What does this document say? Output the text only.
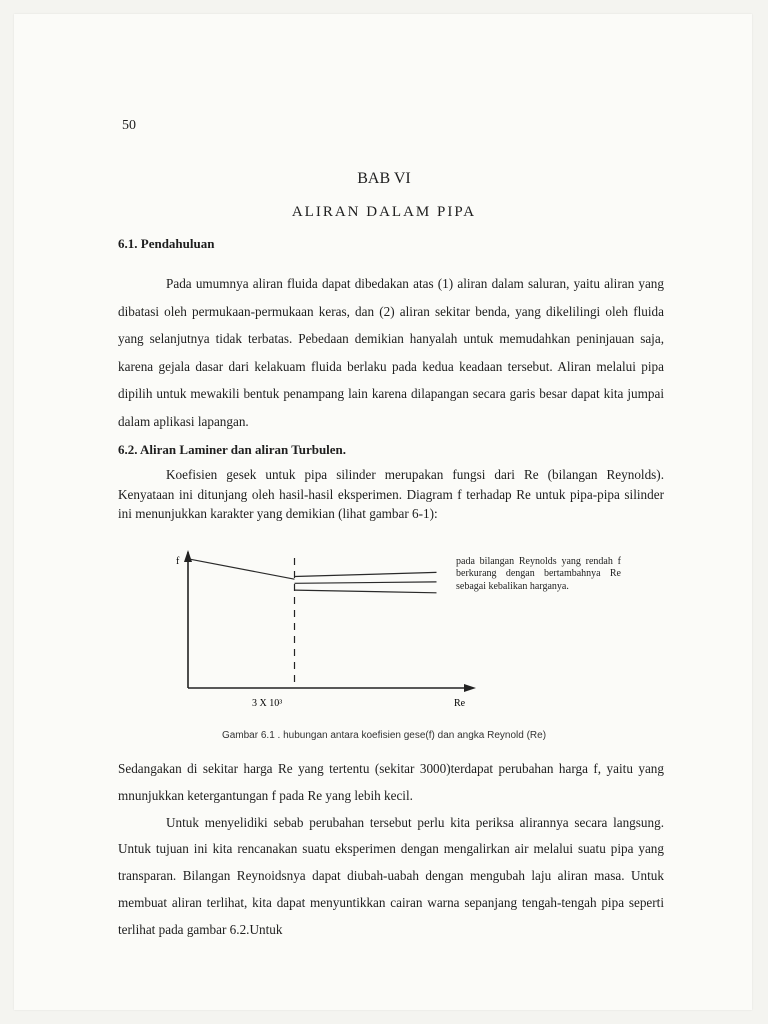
50
BAB VI
ALIRAN DALAM PIPA
6.1. Pendahuluan

Pada umumnya aliran fluida dapat dibedakan atas (1) aliran dalam saluran, yaitu aliran yang dibatasi oleh permukaan-permukaan keras, dan (2) aliran sekitar benda, yang dikelilingi oleh fluida yang selanjutnya tidak terbatas. Pebedaan demikian hanyalah untuk memudahkan peninjauan saja, karena gejala dasar dari kelakuam fluida berlaku pada kedua keadaan tersebut. Aliran melalui pipa dipilih untuk mewakili bentuk penampang lain karena dilapangan secara garis besar dapat kita jumpai dalam aplikasi lapangan.

6.2. Aliran Laminer dan aliran Turbulen.

Koefisien gesek untuk pipa silinder merupakan fungsi dari Re (bilangan Reynolds). Kenyataan ini ditunjang oleh hasil-hasil eksperimen. Diagram f terhadap Re untuk pipa-pipa silinder ini menunjukkan karakter yang demikian (lihat gambar 6-1):

f
Re
3 X 10³
pada bilangan Reynolds yang rendah f berkurang dengan bertambahnya Re sebagai kebalikan harganya.
Gambar 6.1 . hubungan antara koefisien gese(f) dan angka Reynold (Re)

Sedangakan di sekitar harga Re yang tertentu (sekitar 3000)terdapat perubahan harga f, yaitu yang mnunjukkan ketergantungan f pada Re yang lebih kecil.

Untuk menyelidiki sebab perubahan tersebut perlu kita periksa alirannya secara langsung. Untuk tujuan ini kita rencanakan suatu eksperimen dengan mengalirkan air melalui suatu pipa yang transparan. Bilangan Reynoidsnya dapat diubah-uabah dengan mengubah laju aliran masa. Untuk membuat aliran terlihat, kita dapat menyuntikkan cairan warna sepanjang tengah-tengah pipa seperti terlihat pada gambar 6.2.Untuk
